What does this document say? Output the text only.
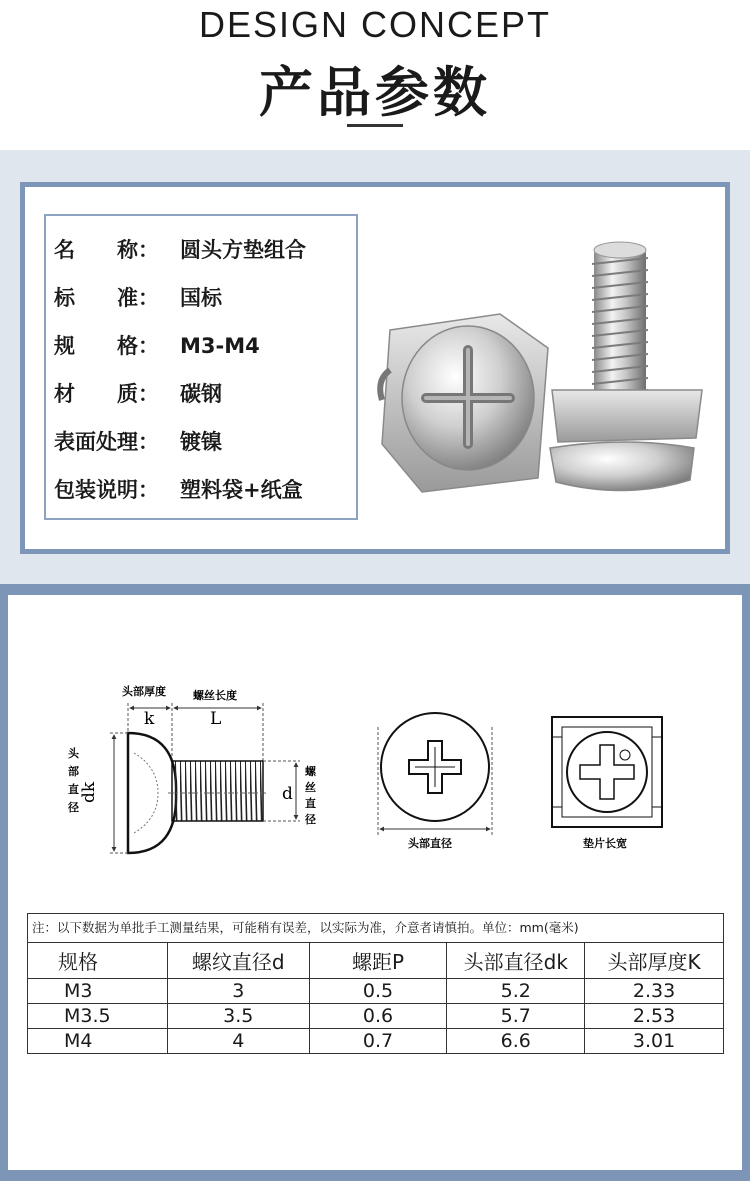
DESIGN CONCEPT
产品参数
名　　称： 圆头方垫组合
标　　准： 国标
规　　格： M3-M4
材　　质： 碳钢
表面处理： 镀镍
包装说明： 塑料袋+纸盒
头部厚度 螺丝长度
k	L
头
部
直
径
dk	d
螺
丝
直
径
头部直径	垫片长宽
注：以下数据为单批手工测量结果，可能稍有误差，以实际为准，介意者请慎拍。单位：mm(毫米)
规格	螺纹直径d	螺距P	头部直径dk	头部厚度K
M3	3	0.5	5.2	2.33
M3.5	3.5	0.6	5.7	2.53
M4	4	0.7	6.6	3.01
